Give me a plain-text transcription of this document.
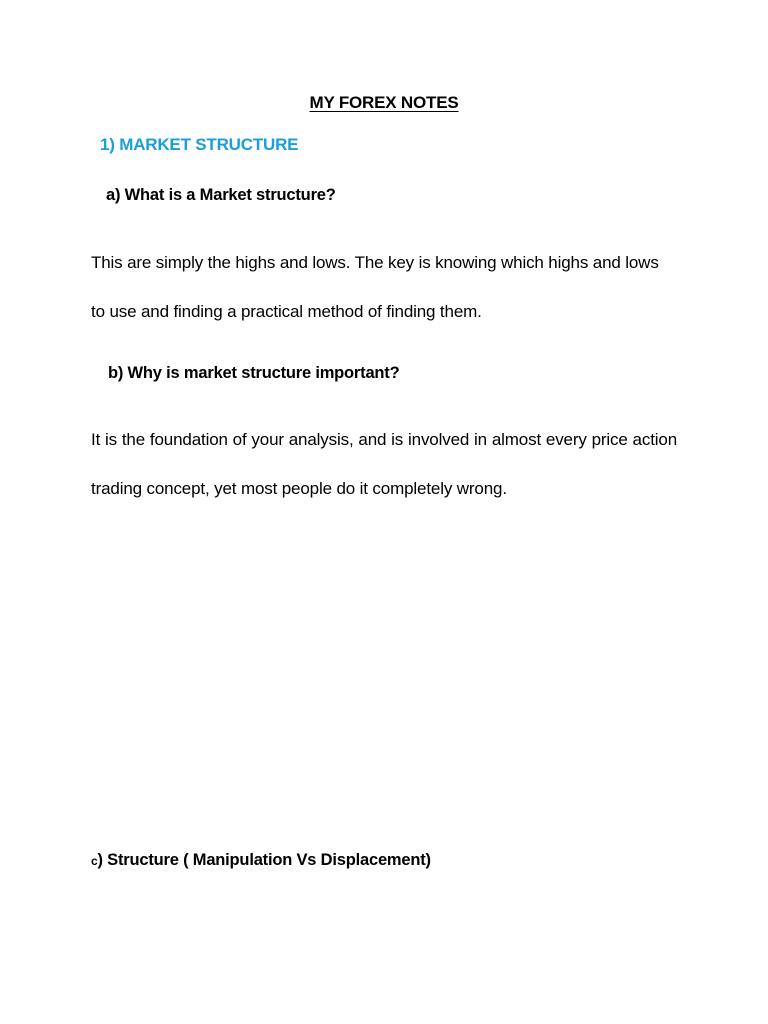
MY FOREX NOTES
1) MARKET STRUCTURE
a) What is a Market structure?

This are simply the highs and lows. The key is knowing which highs and lows to use and finding a practical method of finding them.

b) Why is market structure important?

It is the foundation of your analysis, and is involved in almost every price action trading concept, yet most people do it completely wrong.

c) Structure ( Manipulation Vs Displacement)
